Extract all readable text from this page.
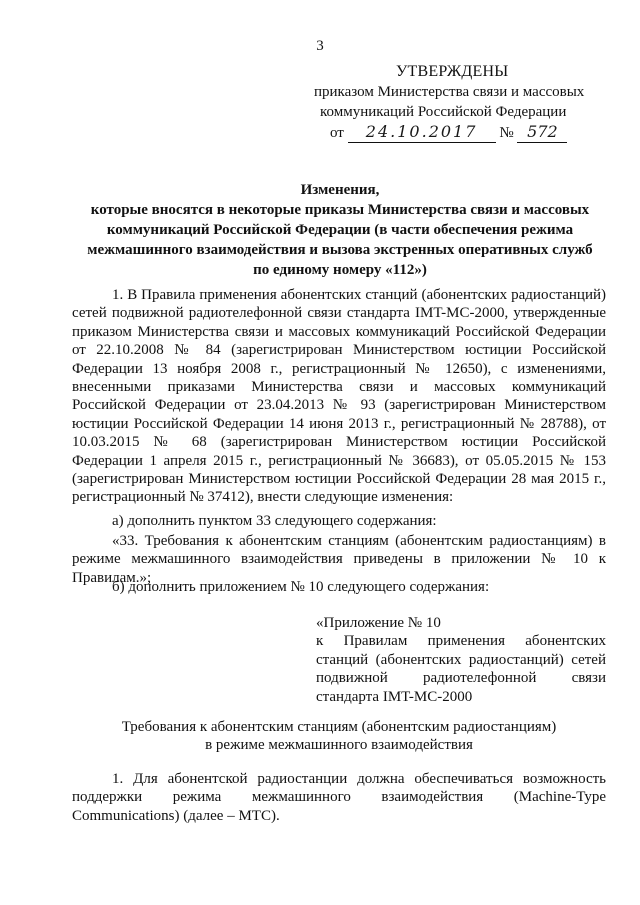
3
УТВЕРЖДЕНЫ
приказом Министерства связи и массовых
коммуникаций Российской Федерации
от 24.10.2017 № 572
Изменения,
которые вносятся в некоторые приказы Министерства связи и массовых
коммуникаций Российской Федерации (в части обеспечения режима
межмашинного взаимодействия и вызова экстренных оперативных служб
по единому номеру «112»)
1. В Правила применения абонентских станций (абонентских радиостанций) сетей подвижной радиотелефонной связи стандарта IMT-MC-2000, утвержденные приказом Министерства связи и массовых коммуникаций Российской Федерации от 22.10.2008 № 84 (зарегистрирован Министерством юстиции Российской Федерации 13 ноября 2008 г., регистрационный № 12650), с изменениями, внесенными приказами Министерства связи и массовых коммуникаций Российской Федерации от 23.04.2013 № 93 (зарегистрирован Министерством юстиции Российской Федерации 14 июня 2013 г., регистрационный № 28788), от 10.03.2015 № 68 (зарегистрирован Министерством юстиции Российской Федерации 1 апреля 2015 г., регистрационный № 36683), от 05.05.2015 № 153 (зарегистрирован Министерством юстиции Российской Федерации 28 мая 2015 г., регистрационный № 37412), внести следующие изменения:
а) дополнить пунктом 33 следующего содержания:
«33. Требования к абонентским станциям (абонентским радиостанциям) в режиме межмашинного взаимодействия приведены в приложении № 10 к Правилам.»;
б) дополнить приложением № 10 следующего содержания:
«Приложение № 10
к Правилам применения абонентских станций (абонентских радиостанций) сетей подвижной радиотелефонной связи стандарта IMT-MC-2000
Требования к абонентским станциям (абонентским радиостанциям)
в режиме межмашинного взаимодействия
1. Для абонентской радиостанции должна обеспечиваться возможность поддержки режима межмашинного взаимодействия (Machine-Type Communications) (далее – MTC).
